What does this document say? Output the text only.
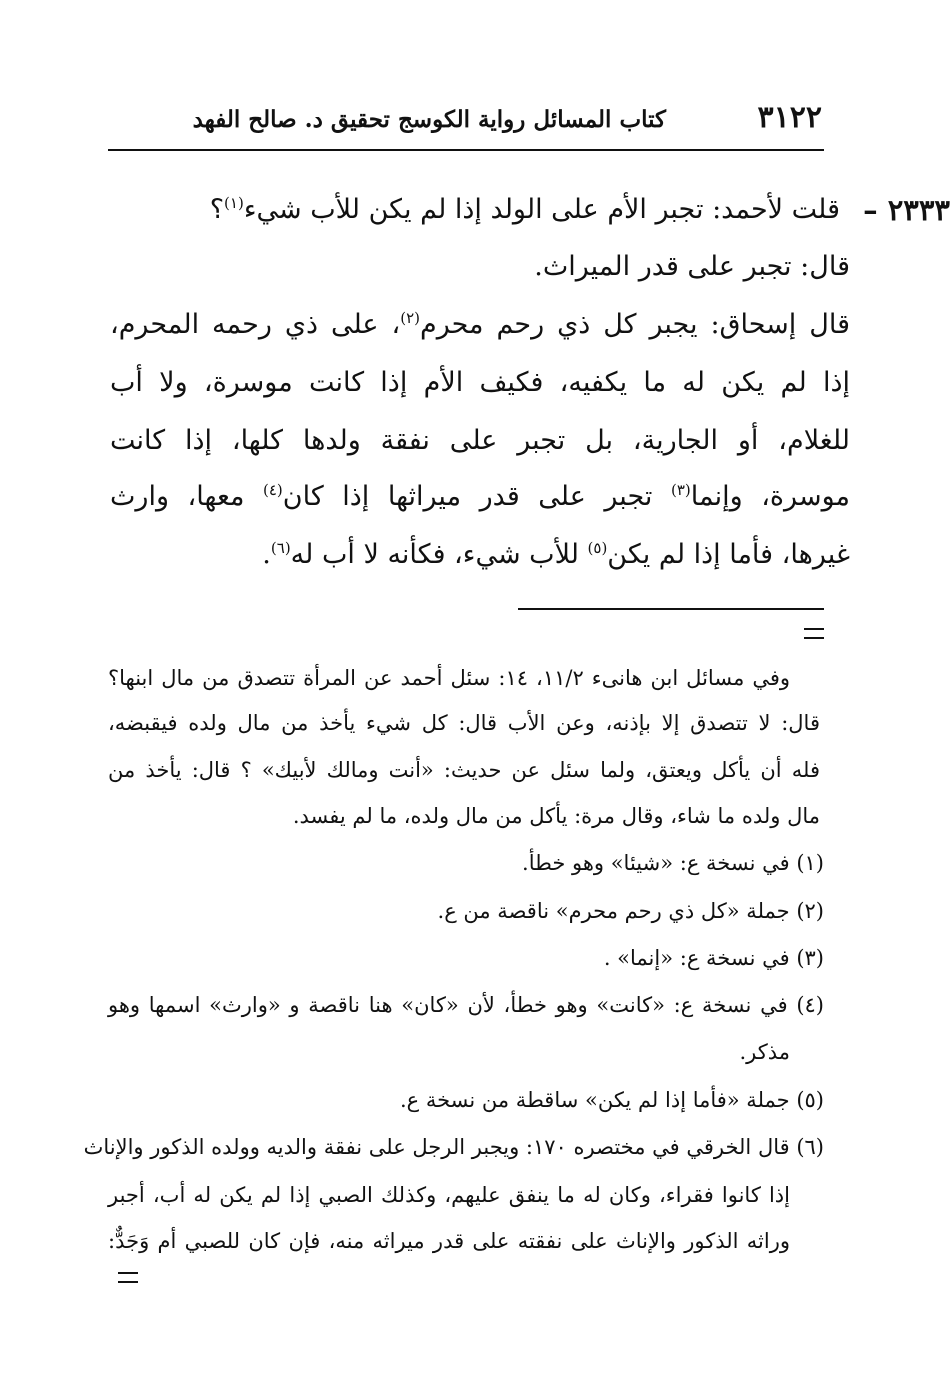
٣١٢٢
كتاب المسائل رواية الكوسج تحقيق د. صالح الفهد
٢٣٣٣ –
قلت لأحمد: تجبر الأم على الولد إذا لم يكن للأب شيء$^{(١)}$؟
قال: تجبر على قدر الميراث.
قال إسحاق: يجبر كل ذي رحم محرم$^{(٢)}$، على ذي رحمه المحرم،
إذا لم يكن له ما يكفيه، فكيف الأم إذا كانت موسرة، ولا أب
للغلام، أو الجارية، بل تجبر على نفقة ولدها كلها، إذا كانت
موسرة، وإنما$^{(٣)}$ تجبر على قدر ميراثها إذا كان$^{(٤)}$ معها، وارث
غيرها، فأما إذا لم يكن$^{(٥)}$ للأب شيء، فكأنه لا أب له$^{(٦)}$.
وفي مسائل ابن هانىء ١١/٢، ١٤: سئل أحمد عن المرأة تتصدق من مال ابنها؟
قال: لا تتصدق إلا بإذنه، وعن الأب قال: كل شيء يأخذ من مال ولده فيقبضه،
فله أن يأكل ويعتق، ولما سئل عن حديث: «أنت ومالك لأبيك» ؟ قال: يأخذ من
مال ولده ما شاء، وقال مرة: يأكل من مال ولده، ما لم يفسد.
(١) في نسخة ع: «شيئا» وهو خطأ.
(٢) جملة «كل ذي رحم محرم» ناقصة من ع.
(٣) في نسخة ع: «إنما» .
(٤) في نسخة ع: «كانت» وهو خطأ، لأن «كان» هنا ناقصة و «وارث» اسمها وهو
مذكر.
(٥) جملة «فأما إذا لم يكن» ساقطة من نسخة ع.
(٦) قال الخرقي في مختصره ١٧٠: ويجبر الرجل على نفقة والديه وولده الذكور والإناث
إذا كانوا فقراء، وكان له ما ينفق عليهم، وكذلك الصبي إذا لم يكن له أب، أجبر
وراثه الذكور والإناث على نفقته على قدر ميراثه منه، فإن كان للصبي أم وَجَدٌّ:
